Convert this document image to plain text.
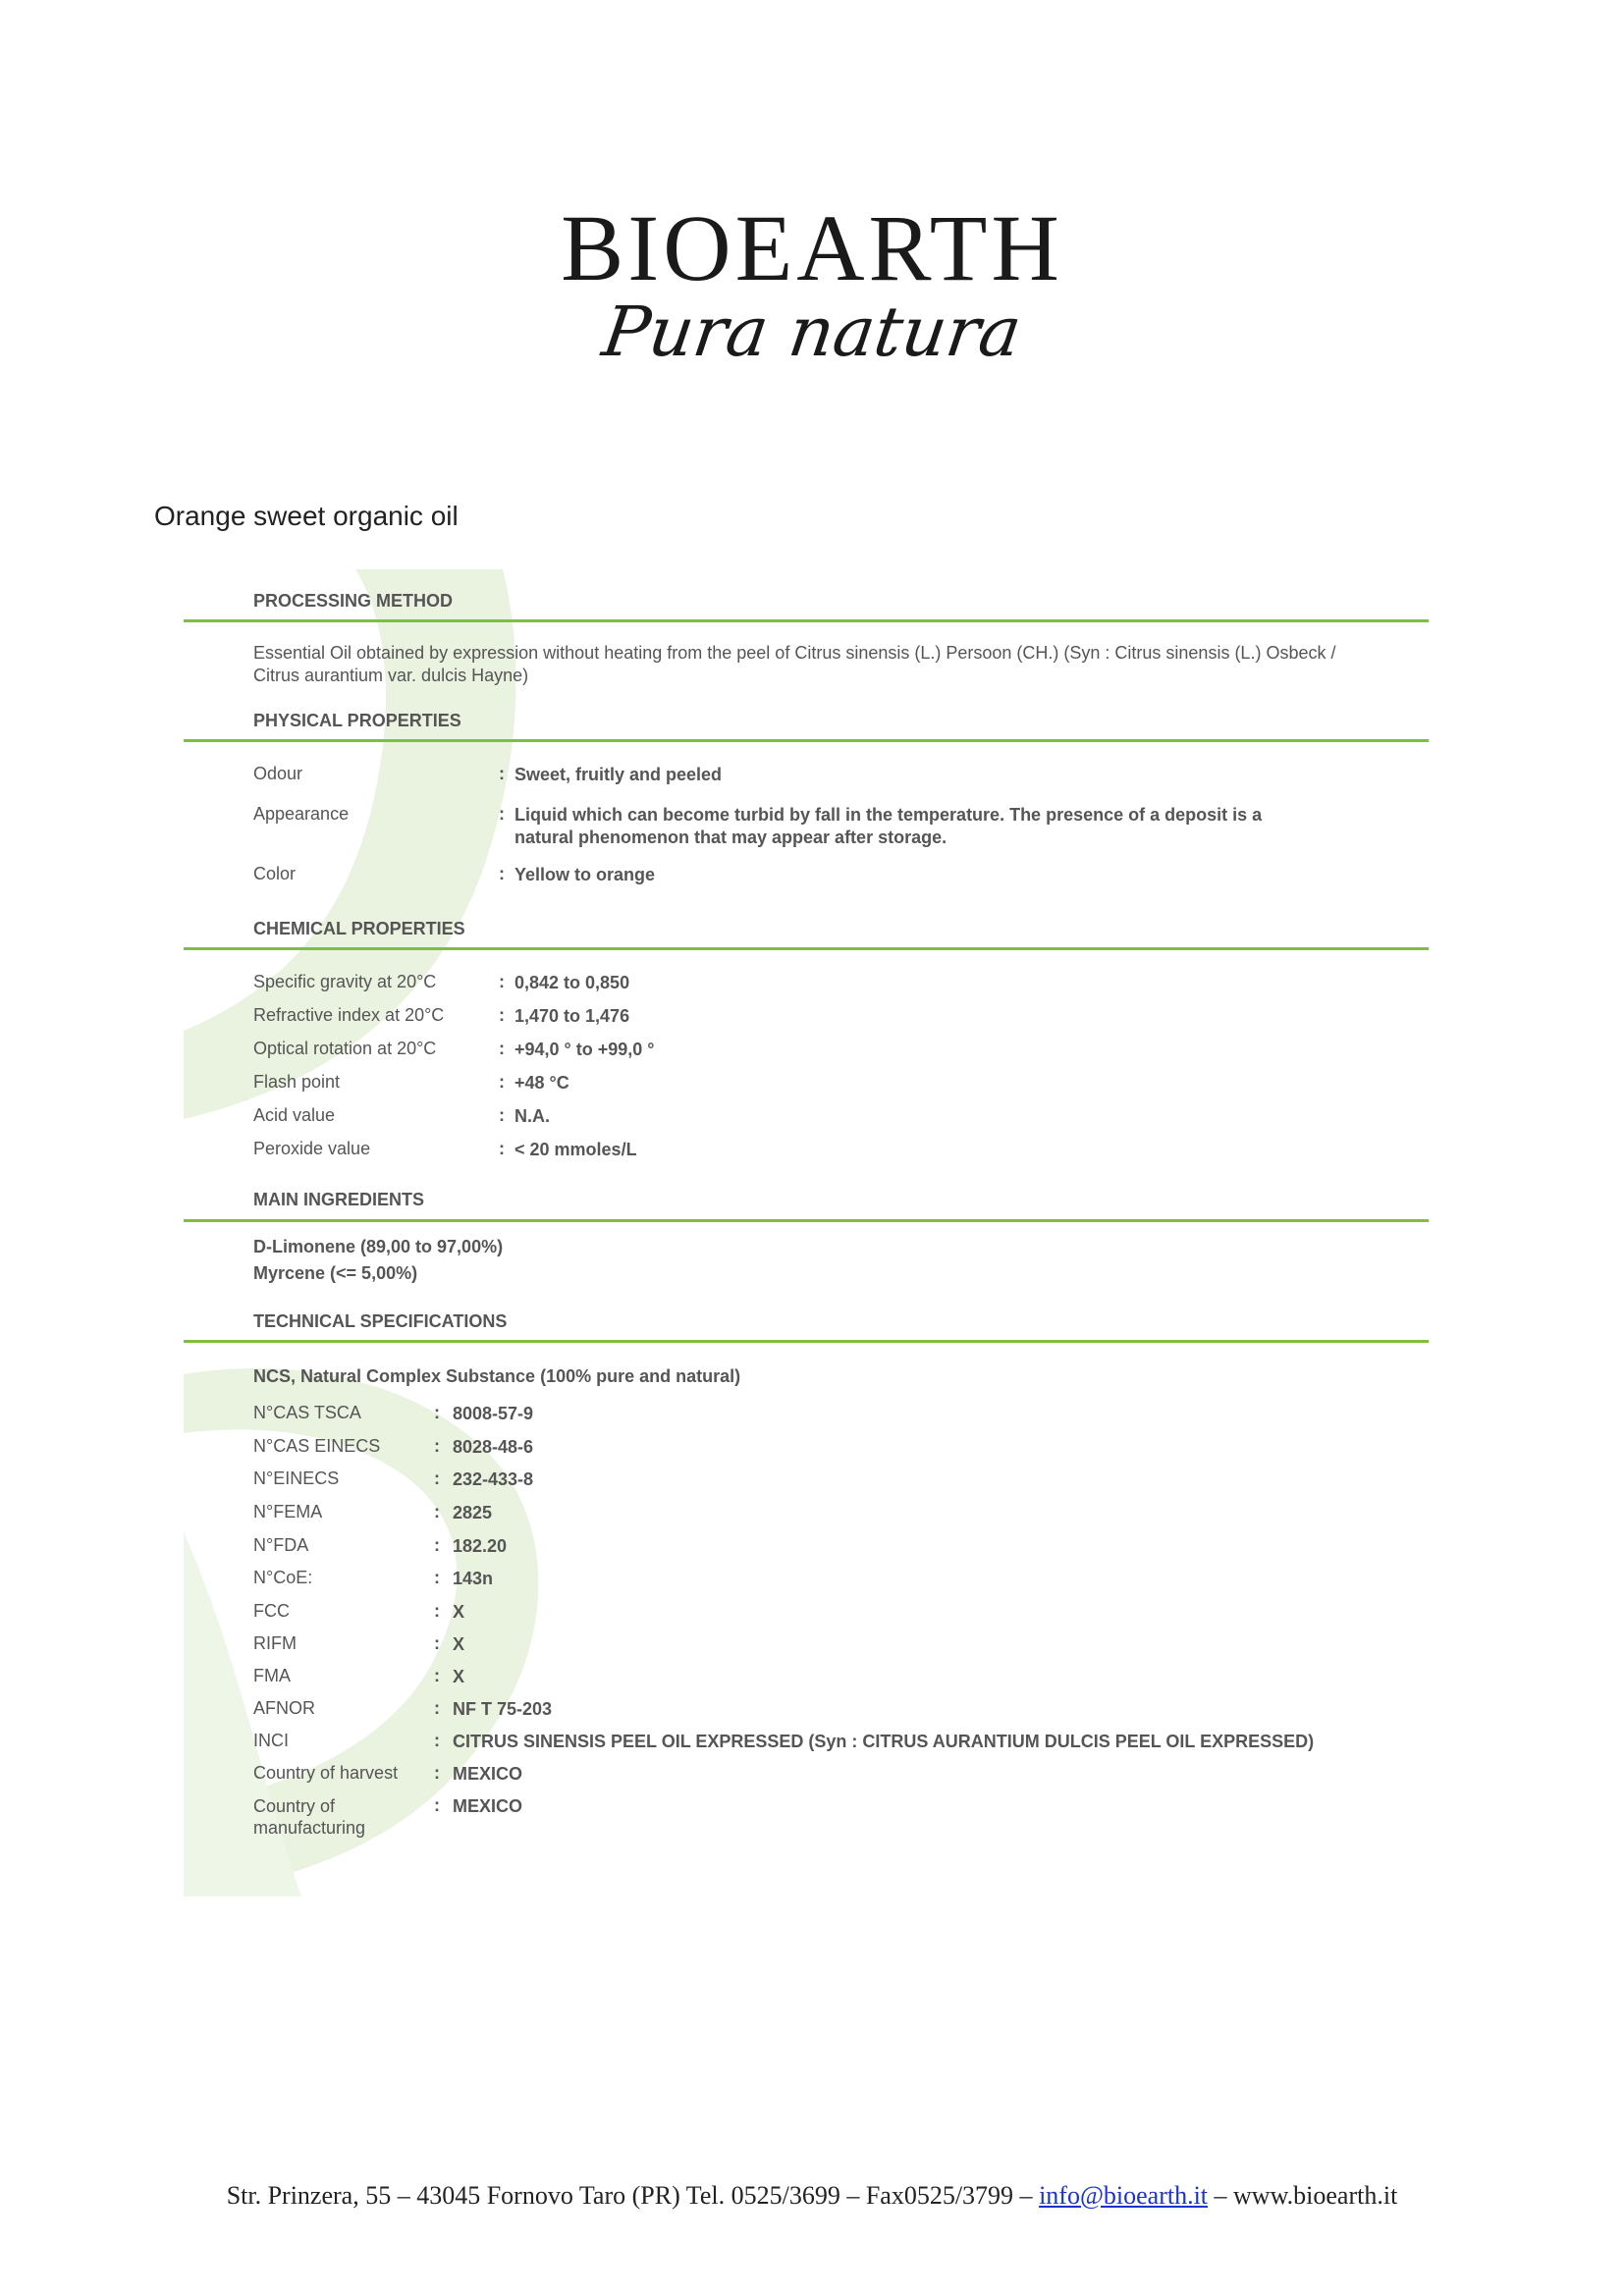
BIOEARTH
Pura natura
Orange sweet organic oil
PROCESSING METHOD
Essential Oil obtained by expression without heating from the peel of Citrus sinensis (L.) Persoon (CH.) (Syn : Citrus sinensis (L.) Osbeck / Citrus aurantium var. dulcis Hayne)
PHYSICAL PROPERTIES
Odour	: Sweet, fruitly and peeled
Appearance	: Liquid which can become turbid by fall in the temperature. The presence of a deposit is a natural phenomenon that may appear after storage.
Color	: Yellow to orange
CHEMICAL PROPERTIES
Specific gravity at 20°C	: 0,842 to 0,850
Refractive index at 20°C	: 1,470 to 1,476
Optical rotation at 20°C	: +94,0 ° to +99,0 °
Flash point	: +48 °C
Acid value	: N.A.
Peroxide value	: < 20 mmoles/L
MAIN INGREDIENTS
D-Limonene (89,00 to 97,00%)
Myrcene (<= 5,00%)
TECHNICAL SPECIFICATIONS
NCS, Natural Complex Substance (100% pure and natural)
N°CAS TSCA	: 8008-57-9
N°CAS EINECS	: 8028-48-6
N°EINECS	: 232-433-8
N°FEMA	: 2825
N°FDA	: 182.20
N°CoE:	: 143n
FCC	: X
RIFM	: X
FMA	: X
AFNOR	: NF T 75-203
INCI	: CITRUS SINENSIS PEEL OIL EXPRESSED (Syn : CITRUS AURANTIUM DULCIS PEEL OIL EXPRESSED)
Country of harvest : MEXICO
Country of manufacturing
: MEXICO
Str. Prinzera, 55 – 43045 Fornovo Taro (PR) Tel. 0525/3699 – Fax0525/3799 – info@bioearth.it – www.bioearth.it
